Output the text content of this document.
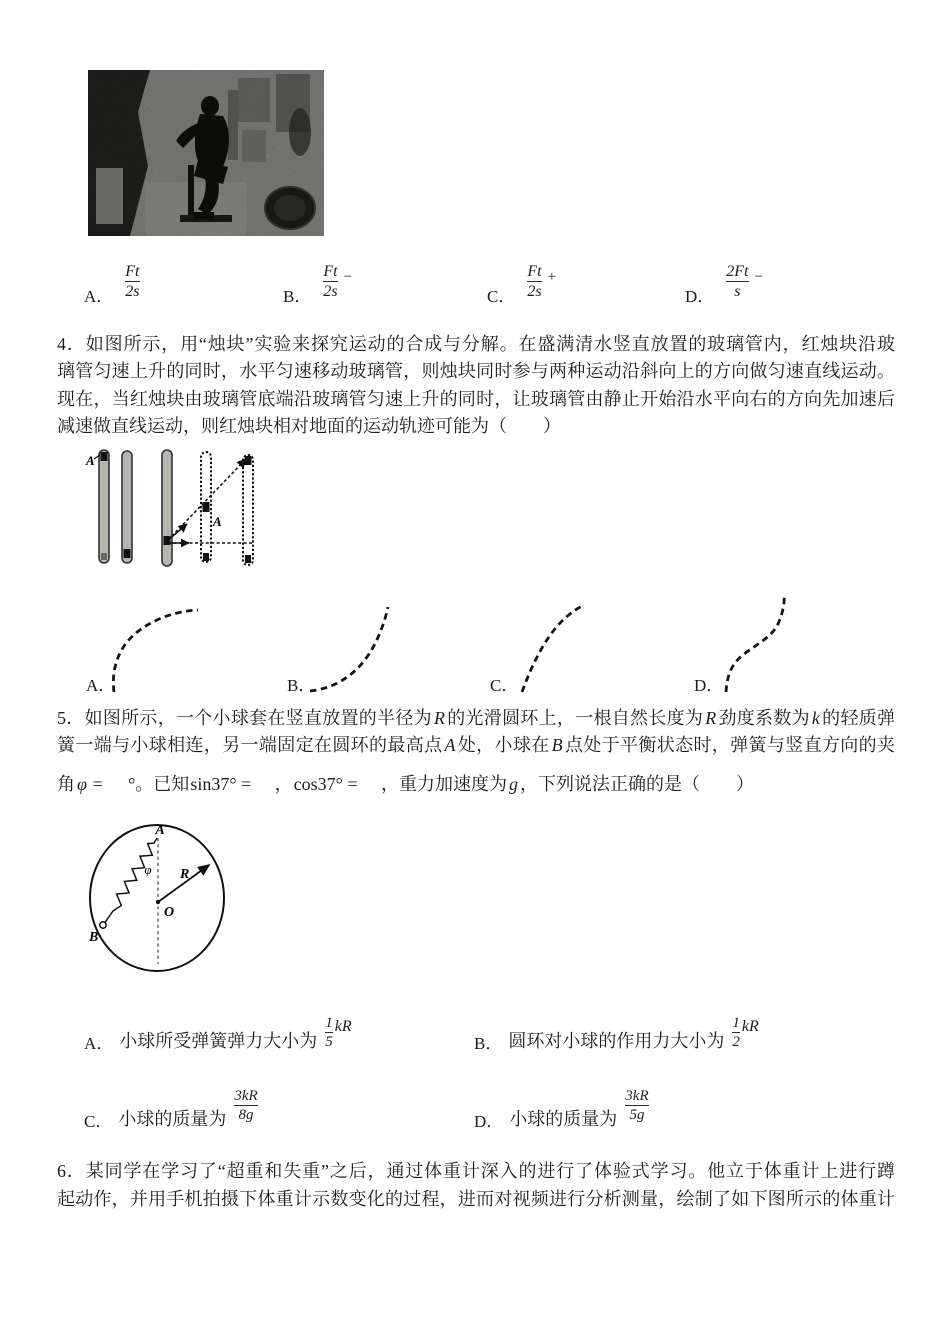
A． $\frac{Ft}{2s}$	B． $\frac{Ft}{2s}$ −
C． $\frac{Ft}{2s}$ +
D． $\frac{2Ft}{s}$ −
4．如图所示，用“烛块”实验来探究运动的合成与分解。在盛满清水竖直放置的玻璃管内，红烛块沿玻
璃管匀速上升的同时，水平匀速移动玻璃管，则烛块同时参与两种运动沿斜向上的方向做匀速直线运动。
现在，当红烛块由玻璃管底端沿玻璃管匀速上升的同时，让玻璃管由静止开始沿水平向右的方向先加速后
减速做直线运动，则红烛块相对地面的运动轨迹可能为（　　）
A
A
A．	B．	C．	D．
5．如图所示，一个小球套在竖直放置的半径为 R 的光滑圆环上，一根自然长度为 R 劲度系数为 k 的轻质弹
簧一端与小球相连，另一端固定在圆环的最高点 A 处，小球在 B 点处于平衡状态时，弹簧与竖直方向的夹
角 φ = 　°。已知sin37° = 　，cos37° = 　，重力加速度为 g ，下列说法正确的是（　　）
A
B
O
R
φ
A． 小球所受弹簧弹力大小为 $\frac{1}{5}$ kR
B． 圆环对小球的作用力大小为 $\frac{1}{2}$ kR
C． 小球的质量为 $\frac{3kR}{8g}$	D． 小球的质量为 $\frac{3kR}{5g}$
6．某同学在学习了“超重和失重”之后，通过体重计深入的进行了体验式学习。他立于体重计上进行蹲
起动作，并用手机拍摄下体重计示数变化的过程，进而对视频进行分析测量，绘制了如下图所示的体重计
